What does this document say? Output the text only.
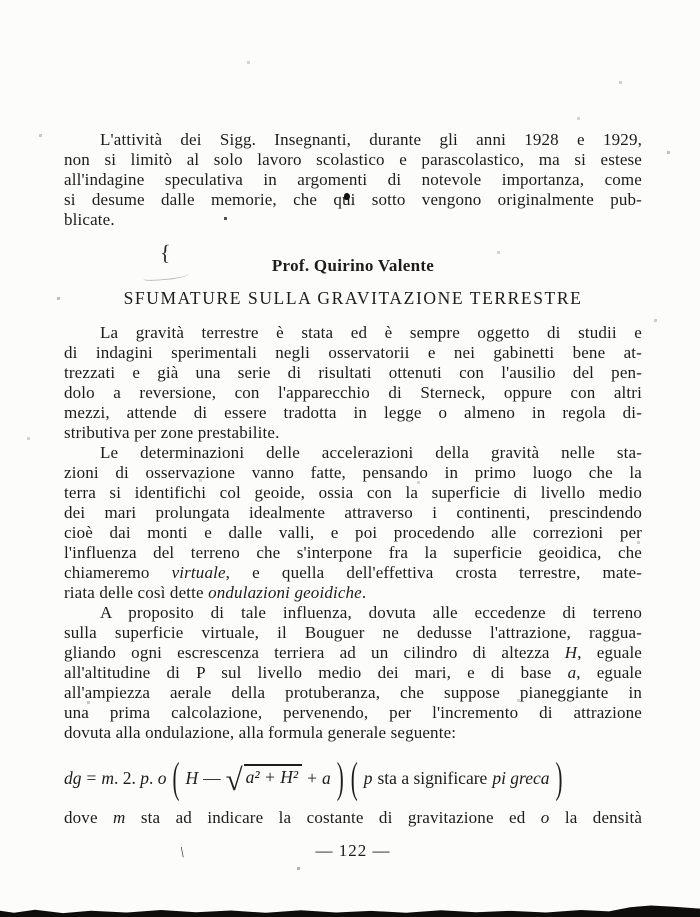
{
\
L'attività dei Sigg. Insegnanti, durante gli anni 1928 e 1929,
non si limitò al solo lavoro scolastico e parascolastico, ma si estese
all'indagine speculativa in argomenti di notevole importanza, come
si desume dalle memorie, che qui sotto vengono originalmente pub-
blicate.
Prof. Quirino Valente
SFUMATURE SULLA GRAVITAZIONE TERRESTRE
La gravità terrestre è stata ed è sempre oggetto di studii e
di indagini sperimentali negli osservatorii e nei gabinetti bene at-
trezzati e già una serie di risultati ottenuti con l'ausilio del pen-
dolo a reversione, con l'apparecchio di Sterneck, oppure con altri
mezzi, attende di essere tradotta in legge o almeno in regola di-
stributiva per zone prestabilite.
Le determinazioni delle accelerazioni della gravità nelle sta-
zioni di osservazione vanno fatte, pensando in primo luogo che la
terra si identifichi col geoide, ossia con la superficie di livello medio
dei mari prolungata idealmente attraverso i continenti, prescindendo
cioè dai monti e dalle valli, e poi procedendo alle correzioni per
l'influenza del terreno che s'interpone fra la superficie geoidica, che
chiameremo virtuale, e quella dell'effettiva crosta terrestre, mate-
riata delle così dette ondulazioni geoidiche.
A proposito di tale influenza, dovuta alle eccedenze di terreno
sulla superficie virtuale, il Bouguer ne dedusse l'attrazione, raggua-
gliando ogni escrescenza terriera ad un cilindro di altezza H, eguale
all'altitudine di P sul livello medio dei mari, e di base a, eguale
all'ampiezza aerale della protuberanza, che suppose pianeggiante in
una prima calcolazione, pervenendo, per l'incremento di attrazione
dovuta alla ondulazione, alla formula generale seguente:
dg = m. 2. p. o ( H — √ a² + H² + a ) ( p sta a significare pi greca )
dove m sta ad indicare la costante di gravitazione ed o la densità
— 122 —
